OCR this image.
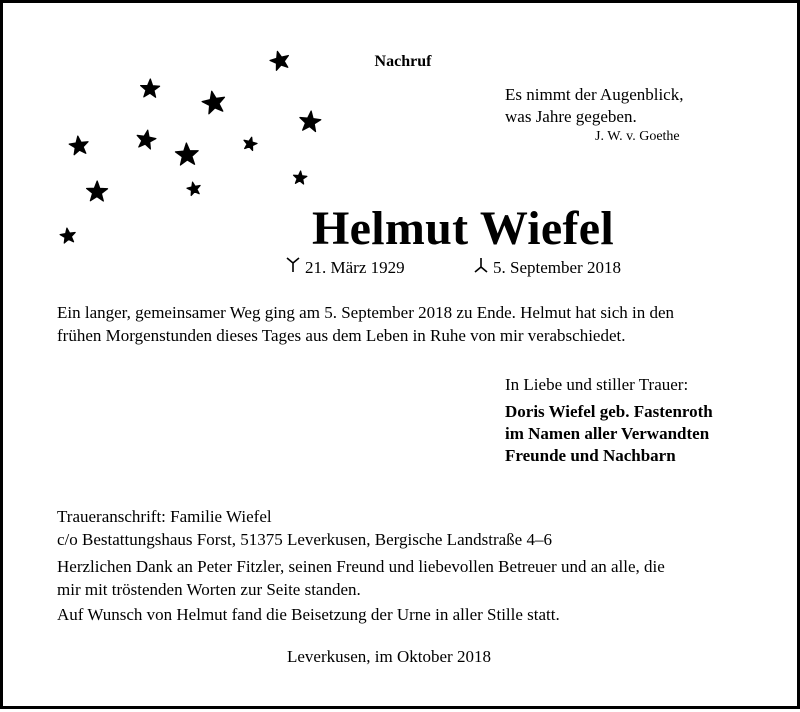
Nachruf
Es nimmt der Augenblick,
was Jahre gegeben.
J. W. v. Goethe
Helmut Wiefel
21. März 1929	5. September 2018
Ein langer, gemeinsamer Weg ging am 5. September 2018 zu Ende. Helmut hat sich in den
frühen Morgenstunden dieses Tages aus dem Leben in Ruhe von mir verabschiedet.
In Liebe und stiller Trauer:
Doris Wiefel geb. Fastenroth
im Namen aller Verwandten
Freunde und Nachbarn
Traueranschrift: Familie Wiefel
c/o Bestattungshaus Forst, 51375 Leverkusen, Bergische Landstraße 4–6
Herzlichen Dank an Peter Fitzler, seinen Freund und liebevollen Betreuer und an alle, die
mir mit tröstenden Worten zur Seite standen.
Auf Wunsch von Helmut fand die Beisetzung der Urne in aller Stille statt.
Leverkusen, im Oktober 2018
